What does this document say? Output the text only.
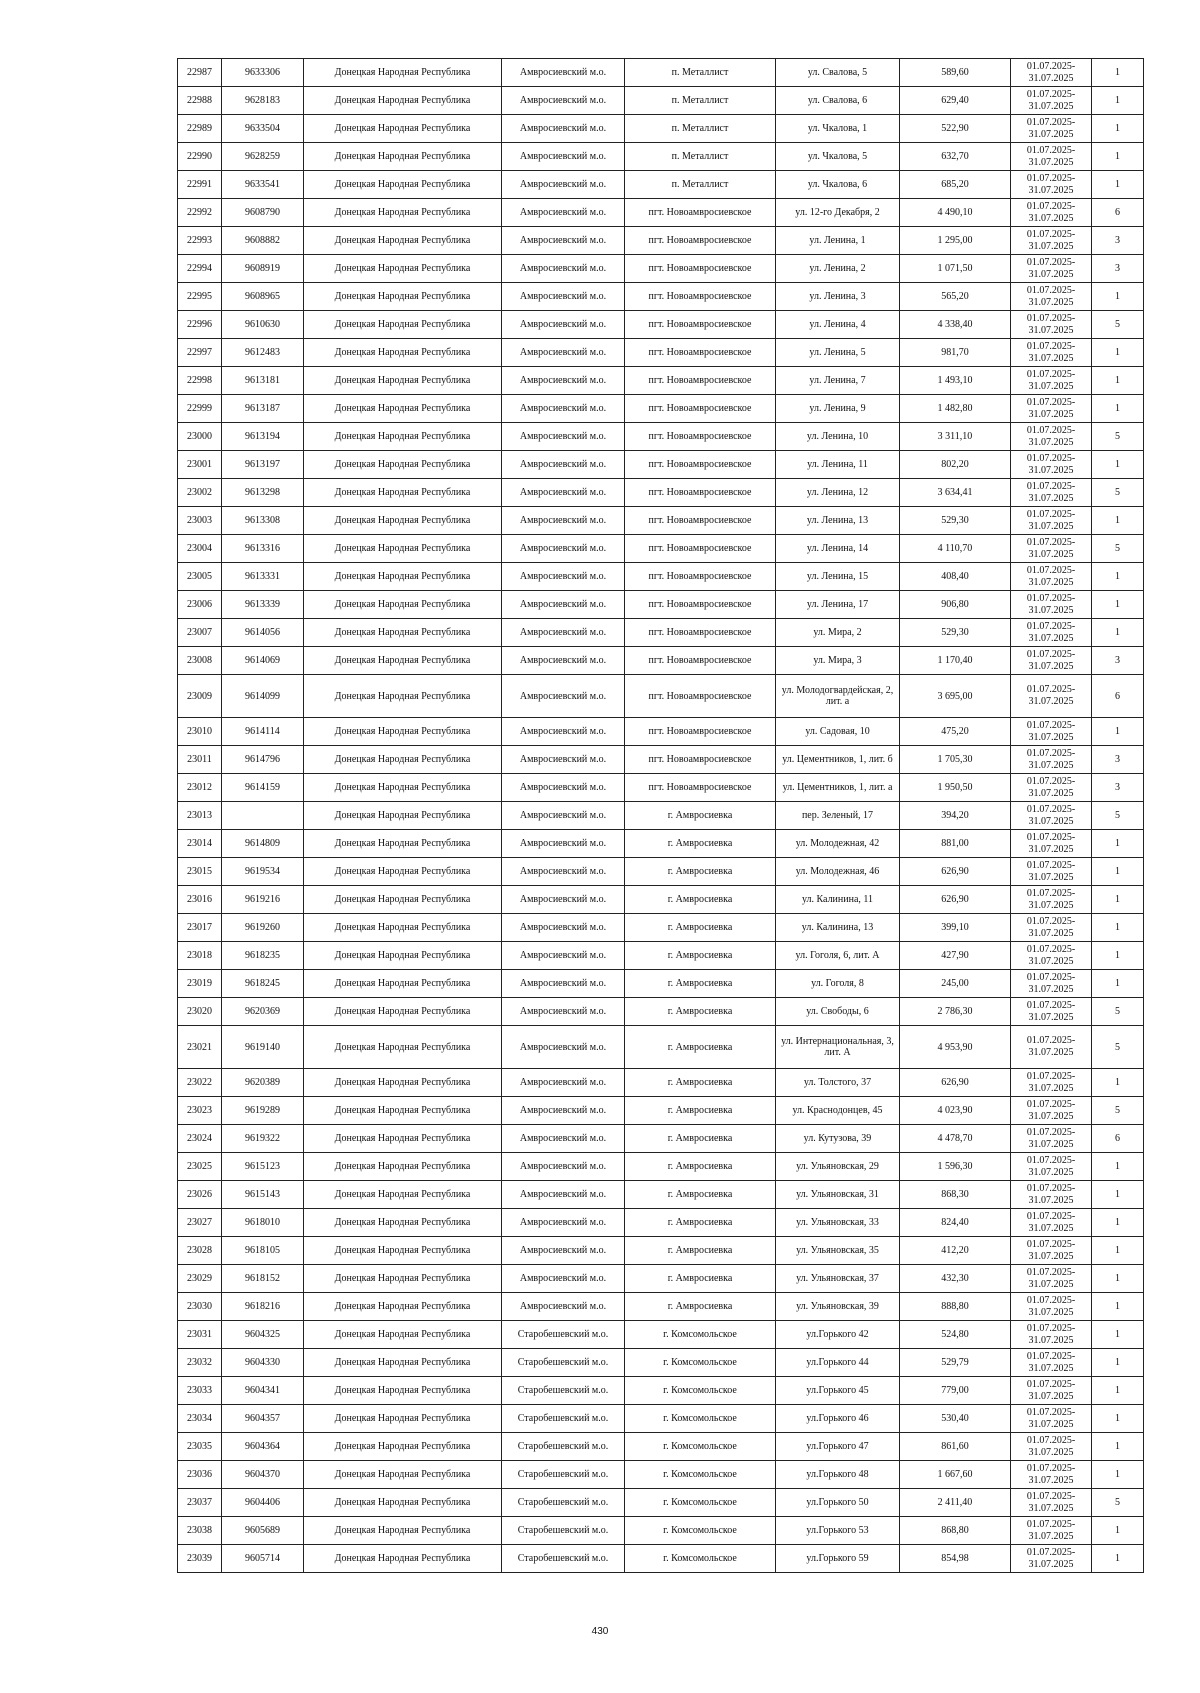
22987	9633306	Донецкая Народная Республика	Амвросиевский м.о.	п. Металлист	ул. Свалова, 5	589,60	01.07.2025-31.07.2025	1
22988	9628183	Донецкая Народная Республика	Амвросиевский м.о.	п. Металлист	ул. Свалова, 6	629,40	01.07.2025-31.07.2025	1
22989	9633504	Донецкая Народная Республика	Амвросиевский м.о.	п. Металлист	ул. Чкалова, 1	522,90	01.07.2025-31.07.2025	1
22990	9628259	Донецкая Народная Республика	Амвросиевский м.о.	п. Металлист	ул. Чкалова, 5	632,70	01.07.2025-31.07.2025	1
22991	9633541	Донецкая Народная Республика	Амвросиевский м.о.	п. Металлист	ул. Чкалова, 6	685,20	01.07.2025-31.07.2025	1
22992	9608790	Донецкая Народная Республика	Амвросиевский м.о.	пгт. Новоамвросиевское	ул. 12-го Декабря, 2	4 490,10	01.07.2025-31.07.2025	6
22993	9608882	Донецкая Народная Республика	Амвросиевский м.о.	пгт. Новоамвросиевское	ул. Ленина, 1	1 295,00	01.07.2025-31.07.2025	3
22994	9608919	Донецкая Народная Республика	Амвросиевский м.о.	пгт. Новоамвросиевское	ул. Ленина, 2	1 071,50	01.07.2025-31.07.2025	3
22995	9608965	Донецкая Народная Республика	Амвросиевский м.о.	пгт. Новоамвросиевское	ул. Ленина, 3	565,20	01.07.2025-31.07.2025	1
22996	9610630	Донецкая Народная Республика	Амвросиевский м.о.	пгт. Новоамвросиевское	ул. Ленина, 4	4 338,40	01.07.2025-31.07.2025	5
22997	9612483	Донецкая Народная Республика	Амвросиевский м.о.	пгт. Новоамвросиевское	ул. Ленина, 5	981,70	01.07.2025-31.07.2025	1
22998	9613181	Донецкая Народная Республика	Амвросиевский м.о.	пгт. Новоамвросиевское	ул. Ленина, 7	1 493,10	01.07.2025-31.07.2025	1
22999	9613187	Донецкая Народная Республика	Амвросиевский м.о.	пгт. Новоамвросиевское	ул. Ленина, 9	1 482,80	01.07.2025-31.07.2025	1
23000	9613194	Донецкая Народная Республика	Амвросиевский м.о.	пгт. Новоамвросиевское	ул. Ленина, 10	3 311,10	01.07.2025-31.07.2025	5
23001	9613197	Донецкая Народная Республика	Амвросиевский м.о.	пгт. Новоамвросиевское	ул. Ленина, 11	802,20	01.07.2025-31.07.2025	1
23002	9613298	Донецкая Народная Республика	Амвросиевский м.о.	пгт. Новоамвросиевское	ул. Ленина, 12	3 634,41	01.07.2025-31.07.2025	5
23003	9613308	Донецкая Народная Республика	Амвросиевский м.о.	пгт. Новоамвросиевское	ул. Ленина, 13	529,30	01.07.2025-31.07.2025	1
23004	9613316	Донецкая Народная Республика	Амвросиевский м.о.	пгт. Новоамвросиевское	ул. Ленина, 14	4 110,70	01.07.2025-31.07.2025	5
23005	9613331	Донецкая Народная Республика	Амвросиевский м.о.	пгт. Новоамвросиевское	ул. Ленина, 15	408,40	01.07.2025-31.07.2025	1
23006	9613339	Донецкая Народная Республика	Амвросиевский м.о.	пгт. Новоамвросиевское	ул. Ленина, 17	906,80	01.07.2025-31.07.2025	1
23007	9614056	Донецкая Народная Республика	Амвросиевский м.о.	пгт. Новоамвросиевское	ул. Мира, 2	529,30	01.07.2025-31.07.2025	1
23008	9614069	Донецкая Народная Республика	Амвросиевский м.о.	пгт. Новоамвросиевское	ул. Мира, 3	1 170,40	01.07.2025-31.07.2025	3
23009	9614099	Донецкая Народная Республика	Амвросиевский м.о.	пгт. Новоамвросиевское	ул. Молодогвардейская, 2, лит. а	3 695,00	01.07.2025-31.07.2025	6
23010	9614114	Донецкая Народная Республика	Амвросиевский м.о.	пгт. Новоамвросиевское	ул. Садовая, 10	475,20	01.07.2025-31.07.2025	1
23011	9614796	Донецкая Народная Республика	Амвросиевский м.о.	пгт. Новоамвросиевское	ул. Цементников, 1, лит. б	1 705,30	01.07.2025-31.07.2025	3
23012	9614159	Донецкая Народная Республика	Амвросиевский м.о.	пгт. Новоамвросиевское	ул. Цементников, 1, лит. а	1 950,50	01.07.2025-31.07.2025	3
23013		Донецкая Народная Республика	Амвросиевский м.о.	г. Амвросиевка	пер. Зеленый, 17	394,20	01.07.2025-31.07.2025	5
23014	9614809	Донецкая Народная Республика	Амвросиевский м.о.	г. Амвросиевка	ул. Молодежная, 42	881,00	01.07.2025-31.07.2025	1
23015	9619534	Донецкая Народная Республика	Амвросиевский м.о.	г. Амвросиевка	ул. Молодежная, 46	626,90	01.07.2025-31.07.2025	1
23016	9619216	Донецкая Народная Республика	Амвросиевский м.о.	г. Амвросиевка	ул. Калинина, 11	626,90	01.07.2025-31.07.2025	1
23017	9619260	Донецкая Народная Республика	Амвросиевский м.о.	г. Амвросиевка	ул. Калинина, 13	399,10	01.07.2025-31.07.2025	1
23018	9618235	Донецкая Народная Республика	Амвросиевский м.о.	г. Амвросиевка	ул. Гоголя, 6, лит. А	427,90	01.07.2025-31.07.2025	1
23019	9618245	Донецкая Народная Республика	Амвросиевский м.о.	г. Амвросиевка	ул. Гоголя, 8	245,00	01.07.2025-31.07.2025	1
23020	9620369	Донецкая Народная Республика	Амвросиевский м.о.	г. Амвросиевка	ул. Свободы, 6	2 786,30	01.07.2025-31.07.2025	5
23021	9619140	Донецкая Народная Республика	Амвросиевский м.о.	г. Амвросиевка	ул. Интернациональная, 3, лит. А	4 953,90	01.07.2025-31.07.2025	5
23022	9620389	Донецкая Народная Республика	Амвросиевский м.о.	г. Амвросиевка	ул. Толстого, 37	626,90	01.07.2025-31.07.2025	1
23023	9619289	Донецкая Народная Республика	Амвросиевский м.о.	г. Амвросиевка	ул. Краснодонцев, 45	4 023,90	01.07.2025-31.07.2025	5
23024	9619322	Донецкая Народная Республика	Амвросиевский м.о.	г. Амвросиевка	ул. Кутузова, 39	4 478,70	01.07.2025-31.07.2025	6
23025	9615123	Донецкая Народная Республика	Амвросиевский м.о.	г. Амвросиевка	ул. Ульяновская, 29	1 596,30	01.07.2025-31.07.2025	1
23026	9615143	Донецкая Народная Республика	Амвросиевский м.о.	г. Амвросиевка	ул. Ульяновская, 31	868,30	01.07.2025-31.07.2025	1
23027	9618010	Донецкая Народная Республика	Амвросиевский м.о.	г. Амвросиевка	ул. Ульяновская, 33	824,40	01.07.2025-31.07.2025	1
23028	9618105	Донецкая Народная Республика	Амвросиевский м.о.	г. Амвросиевка	ул. Ульяновская, 35	412,20	01.07.2025-31.07.2025	1
23029	9618152	Донецкая Народная Республика	Амвросиевский м.о.	г. Амвросиевка	ул. Ульяновская, 37	432,30	01.07.2025-31.07.2025	1
23030	9618216	Донецкая Народная Республика	Амвросиевский м.о.	г. Амвросиевка	ул. Ульяновская, 39	888,80	01.07.2025-31.07.2025	1
23031	9604325	Донецкая Народная Республика	Старобешевский м.о.	г. Комсомольское	ул.Горького 42	524,80	01.07.2025-31.07.2025	1
23032	9604330	Донецкая Народная Республика	Старобешевский м.о.	г. Комсомольское	ул.Горького 44	529,79	01.07.2025-31.07.2025	1
23033	9604341	Донецкая Народная Республика	Старобешевский м.о.	г. Комсомольское	ул.Горького 45	779,00	01.07.2025-31.07.2025	1
23034	9604357	Донецкая Народная Республика	Старобешевский м.о.	г. Комсомольское	ул.Горького 46	530,40	01.07.2025-31.07.2025	1
23035	9604364	Донецкая Народная Республика	Старобешевский м.о.	г. Комсомольское	ул.Горького 47	861,60	01.07.2025-31.07.2025	1
23036	9604370	Донецкая Народная Республика	Старобешевский м.о.	г. Комсомольское	ул.Горького 48	1 667,60	01.07.2025-31.07.2025	1
23037	9604406	Донецкая Народная Республика	Старобешевский м.о.	г. Комсомольское	ул.Горького 50	2 411,40	01.07.2025-31.07.2025	5
23038	9605689	Донецкая Народная Республика	Старобешевский м.о.	г. Комсомольское	ул.Горького 53	868,80	01.07.2025-31.07.2025	1
23039	9605714	Донецкая Народная Республика	Старобешевский м.о.	г. Комсомольское	ул.Горького 59	854,98	01.07.2025-31.07.2025	1
430
